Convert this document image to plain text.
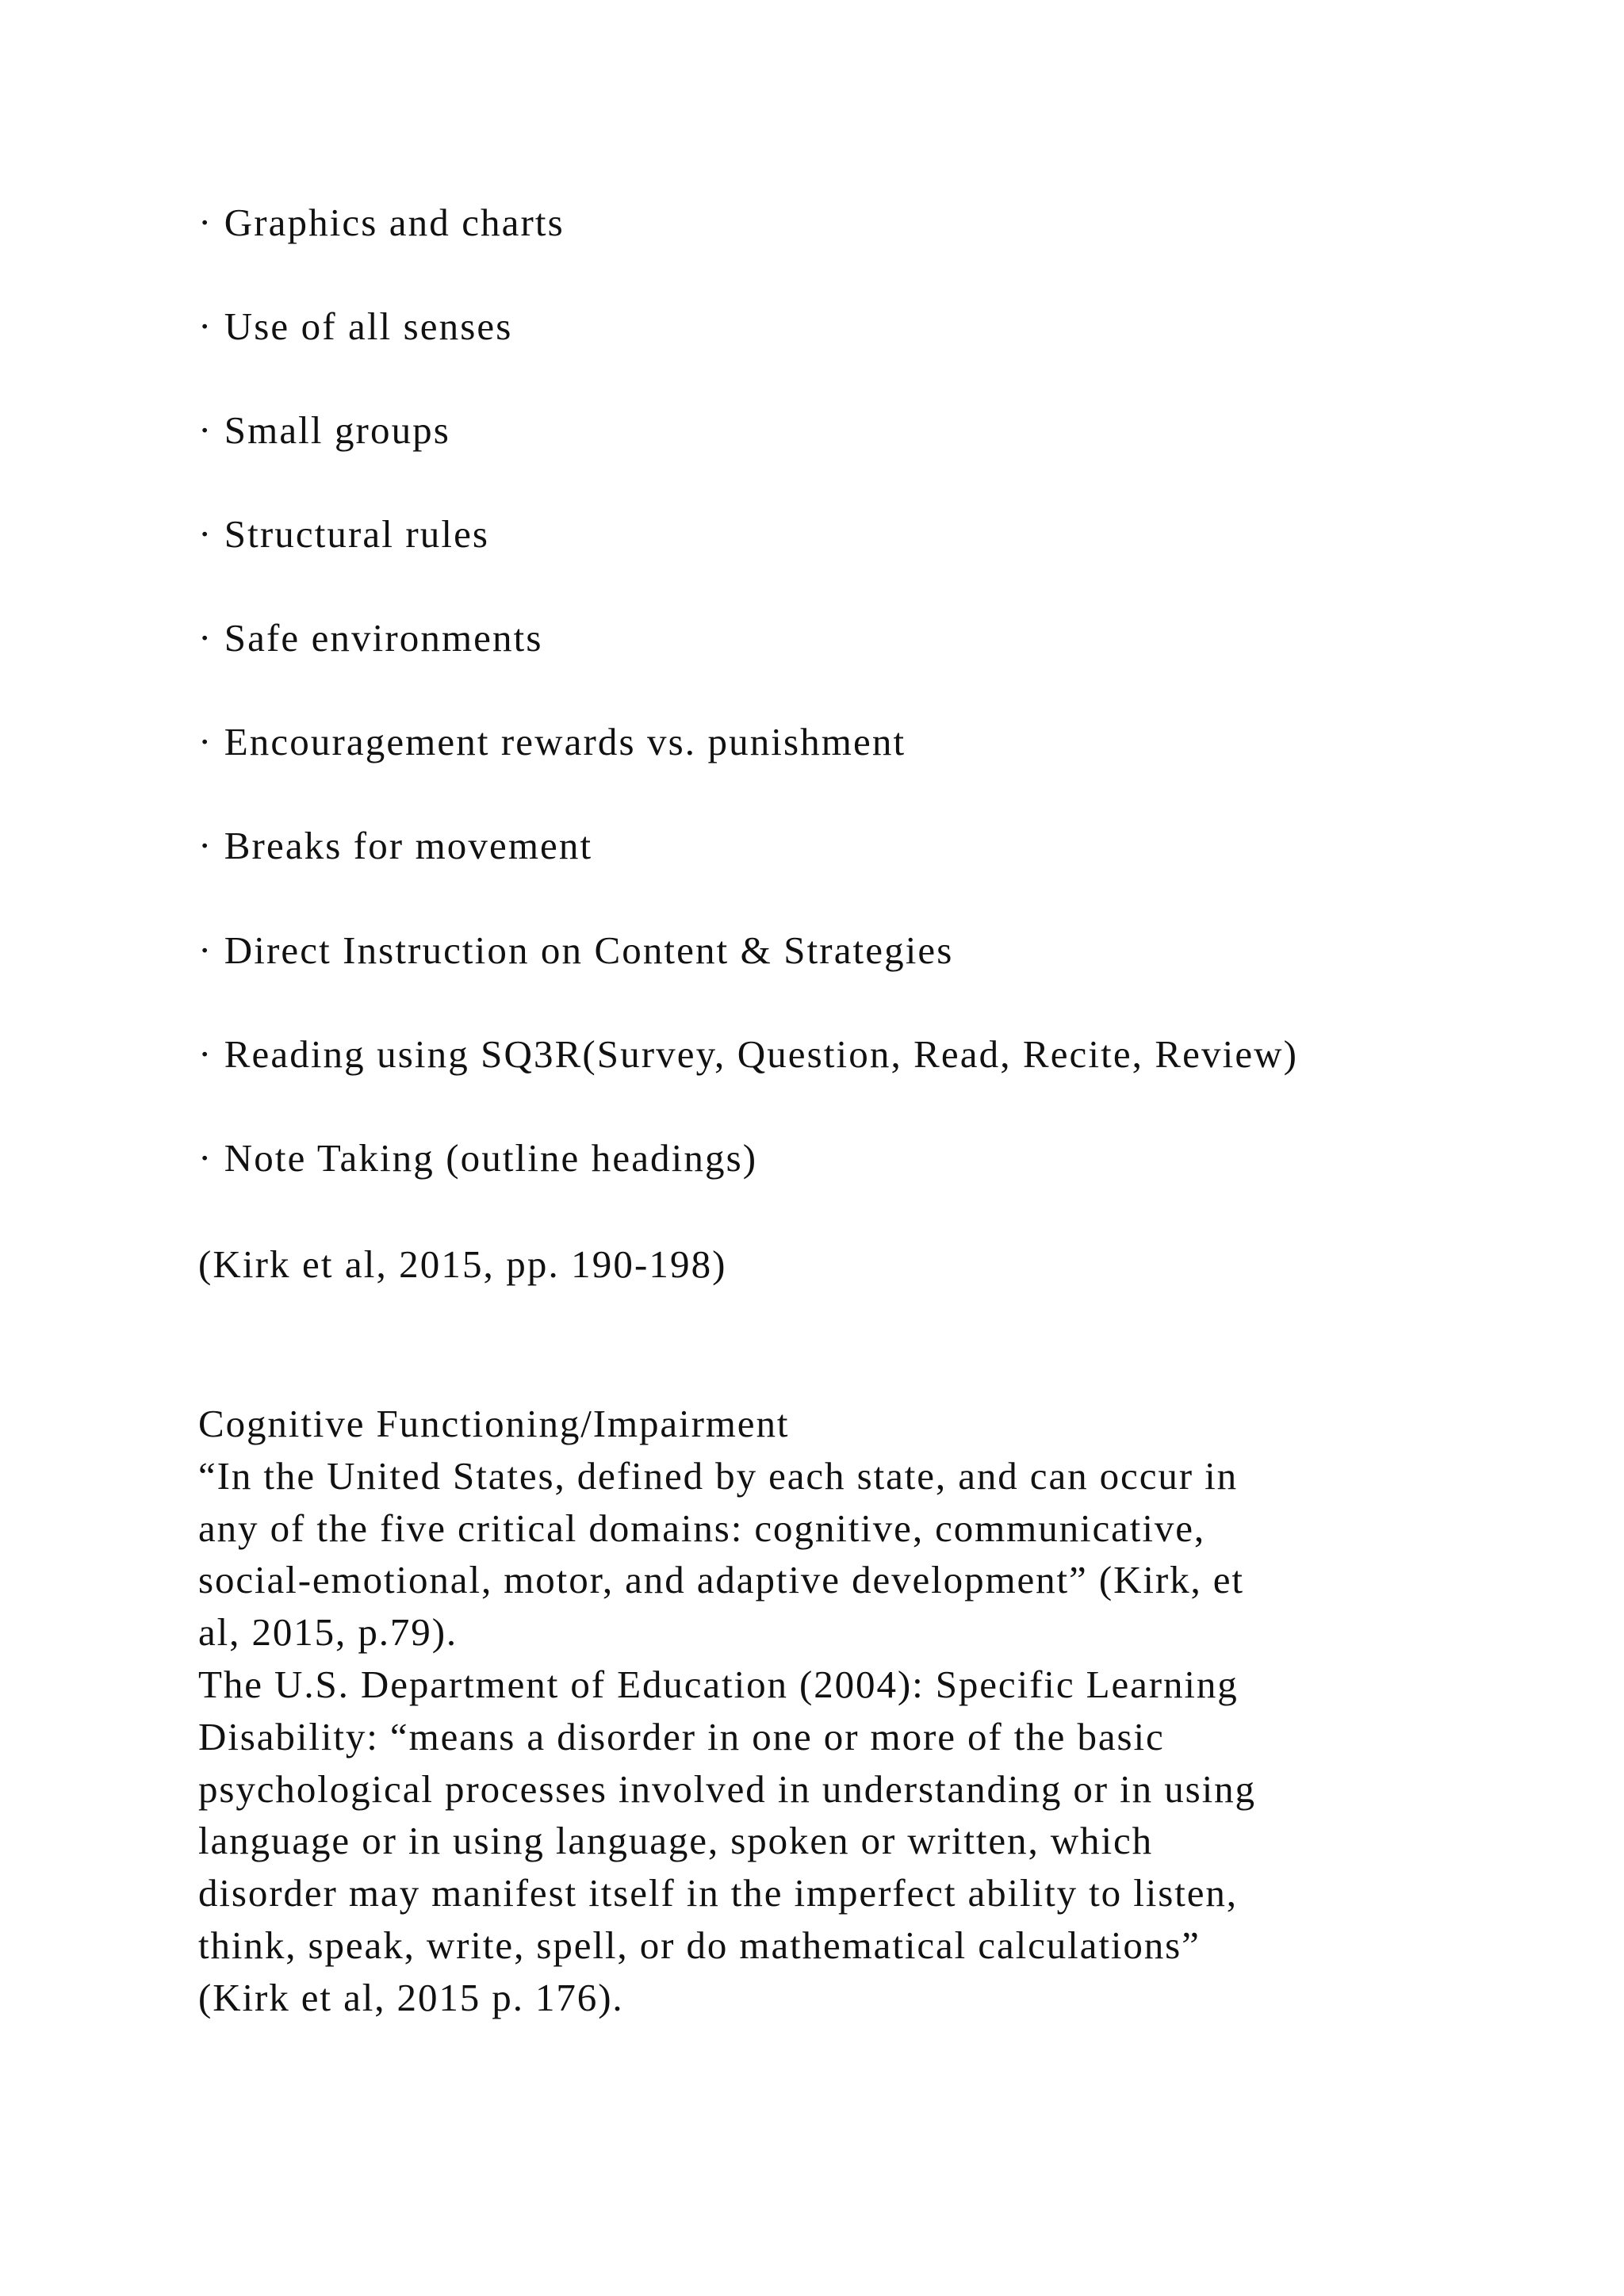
· Graphics and charts
· Use of all senses
· Small groups
· Structural rules
· Safe environments
· Encouragement rewards vs. punishment
· Breaks for movement
· Direct Instruction on Content & Strategies
· Reading using SQ3R(Survey, Question, Read, Recite, Review)
· Note Taking (outline headings)
(Kirk et al, 2015, pp. 190-198)
Cognitive Functioning/Impairment
“In the United States, defined by each state, and can occur in
any of the five critical domains: cognitive, communicative,
social-emotional, motor, and adaptive development” (Kirk, et
al, 2015, p.79).
The U.S. Department of Education (2004): Specific Learning
Disability: “means a disorder in one or more of the basic
psychological processes involved in understanding or in using
language or in using language, spoken or written, which
disorder may manifest itself in the imperfect ability to listen,
think, speak, write, spell, or do mathematical calculations”
(Kirk et al, 2015 p. 176).
